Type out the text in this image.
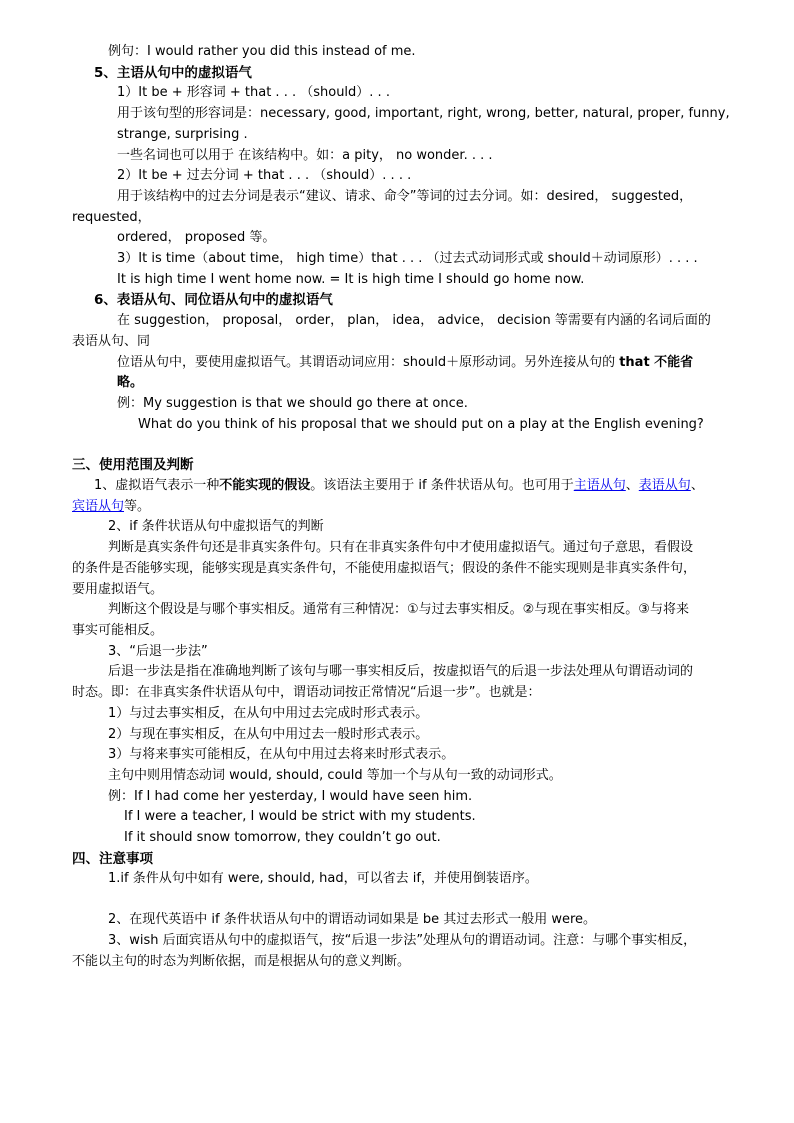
例句：I would rather you did this instead of me.
5、主语从句中的虚拟语气
1）It be + 形容词 + that . . . （should）. . .
用于该句型的形容词是：necessary, good, important, right, wrong, better, natural, proper, funny,
strange, surprising .
一些名词也可以用于 在该结构中。如：a pity， no wonder. . . .
2）It be + 过去分词 + that . . . （should）. . . .
用于该结构中的过去分词是表示“建议、请求、命令”等词的过去分词。如：desired， suggested，
requested，
ordered， proposed 等。
3）It is time（about time， high time）that . . . （过去式动词形式或 should＋动词原形）. . . .
It is high time I went home now. = It is high time I should go home now.
6、表语从句、同位语从句中的虚拟语气
在 suggestion， proposal， order， plan， idea， advice， decision 等需要有内涵的名词后面的
表语从句、同
位语从句中，要使用虚拟语气。其谓语动词应用：should＋原形动词。另外连接从句的 that 不能省
略。
例：My suggestion is that we should go there at once.
What do you think of his proposal that we should put on a play at the English evening?
三、使用范围及判断
1、虚拟语气表示一种不能实现的假设。该语法主要用于 if 条件状语从句。也可用于主语从句、表语从句、
宾语从句等。
2、if 条件状语从句中虚拟语气的判断
判断是真实条件句还是非真实条件句。只有在非真实条件句中才使用虚拟语气。通过句子意思，看假设
的条件是否能够实现，能够实现是真实条件句，不能使用虚拟语气；假设的条件不能实现则是非真实条件句，
要用虚拟语气。
判断这个假设是与哪个事实相反。通常有三种情况：①与过去事实相反。②与现在事实相反。③与将来
事实可能相反。
3、“后退一步法”
后退一步法是指在准确地判断了该句与哪一事实相反后，按虚拟语气的后退一步法处理从句谓语动词的
时态。即：在非真实条件状语从句中，谓语动词按正常情况“后退一步”。也就是：
1）与过去事实相反，在从句中用过去完成时形式表示。
2）与现在事实相反，在从句中用过去一般时形式表示。
3）与将来事实可能相反，在从句中用过去将来时形式表示。
主句中则用情态动词 would, should, could 等加一个与从句一致的动词形式。
例：If I had come her yesterday, I would have seen him.
If I were a teacher, I would be strict with my students.
If it should snow tomorrow, they couldn’t go out.
四、注意事项
1.if 条件从句中如有 were, should, had，可以省去 if，并使用倒装语序。
2、在现代英语中 if 条件状语从句中的谓语动词如果是 be 其过去形式一般用 were。
3、wish 后面宾语从句中的虚拟语气，按“后退一步法”处理从句的谓语动词。注意：与哪个事实相反，
不能以主句的时态为判断依据，而是根据从句的意义判断。
